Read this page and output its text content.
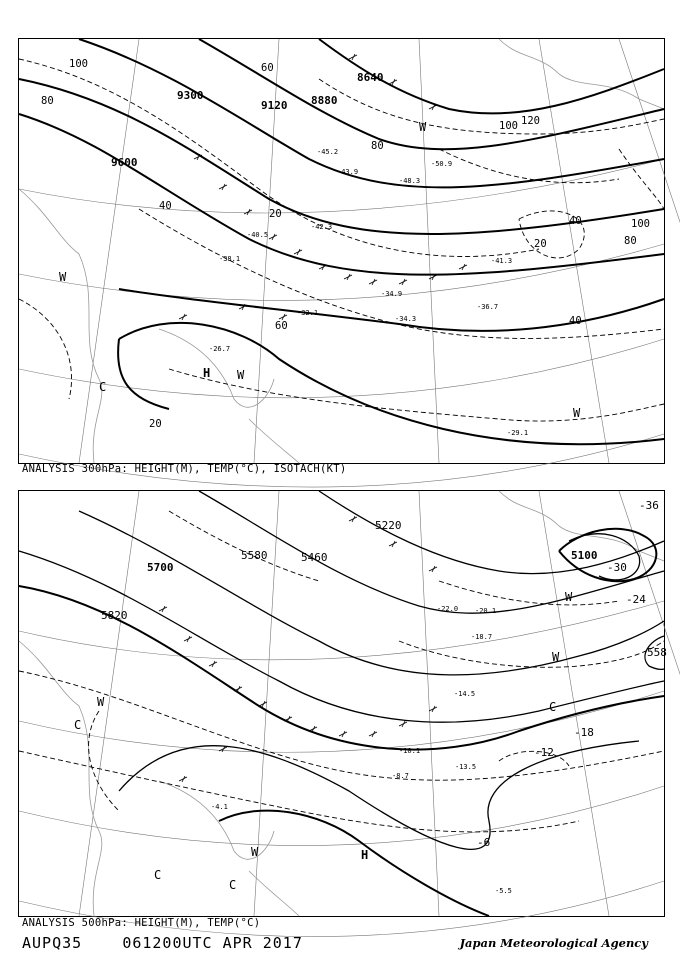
9600
9300
9120 8880
8640
100
80
60
40
20
100 120
80
60	40
20
100
80
40
20
-45.2
-43.9
-42.3
-40.5
-38.1
-36.7
-34.9
-34.3
-29.1
-26.7
-50.9
-48.3
-41.3
-32.1
H
W
W
C
W
W
ANALYSIS 300hPa: HEIGHT(M), TEMP(°C), ISOTACH(KT)
5820
5700
5580	5460
5220
5100
558
-36
-30
-24
-18
-12
-6
-13.5
-10.1
-8.7
-5.5
-4.1
-22.0 -20.1
-18.7
-14.5
H
C
C
C
C
W
W
W
W
ANALYSIS 500hPa: HEIGHT(M), TEMP(°C)
AUPQ35	061200UTC APR 2017	Japan Meteorological Agency
